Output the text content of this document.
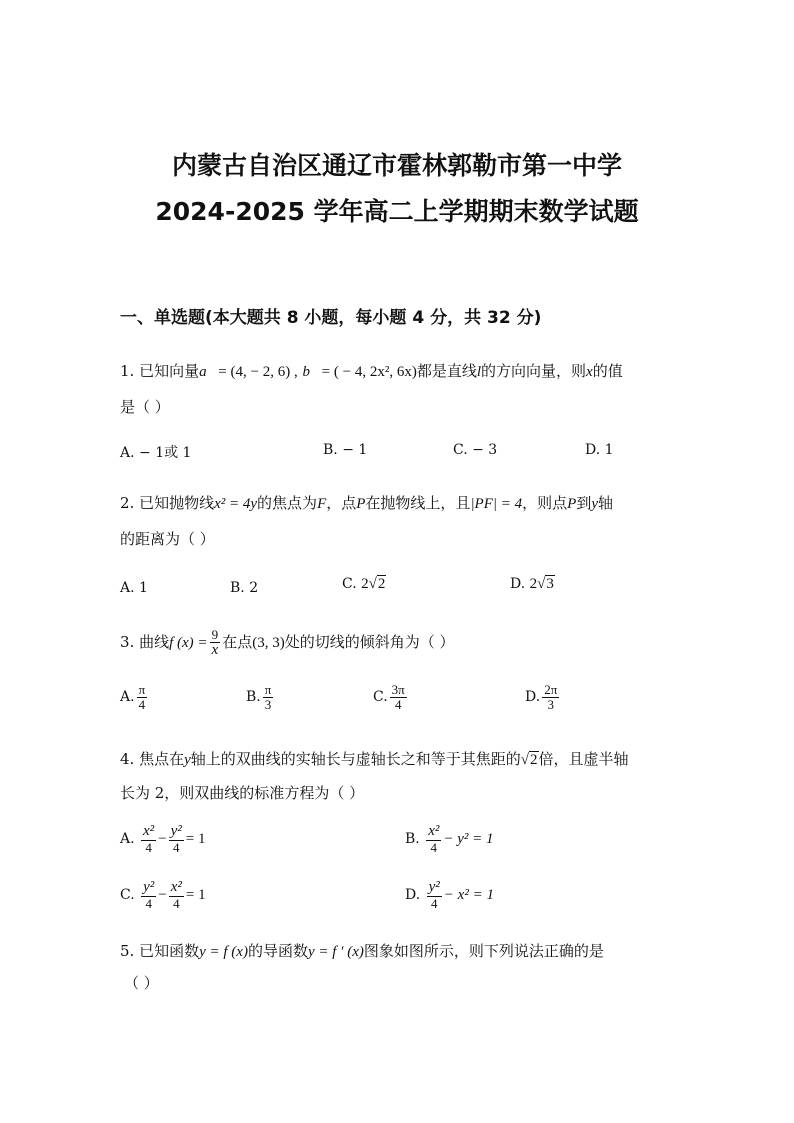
内蒙古自治区通辽市霍林郭勒市第一中学
2024-2025 学年高二上学期期末数学试题
一、单选题(本大题共 8 小题，每小题 4 分，共 32 分)
1. 已知向量a⃗= (4, − 2, 6) , b⃗= ( − 4, 2x², 6x)都是直线l的方向向量，则x的值
是（ ）
A. − 1或 1	B. − 1	C. − 3	D. 1
2. 已知抛物线x² = 4y的焦点为F，点P在抛物线上，且|PF| = 4，则点P到y轴
的距离为（ ）
A. 1	B. 2	C. 2√2	D. 2√3
3. 曲线f $(x) = \frac{9}{x}$ 在点(3, 3)处的切线的倾斜角为（ ）
A. $\frac{\pi}{4}$	B. $\frac{\pi}{3}$	C. $\frac{3\pi}{4}$	D. $\frac{2\pi}{3}$
4. 焦点在y轴上的双曲线的实轴长与虚轴长之和等于其焦距的√2倍，且虚半轴
长为 2，则双曲线的标准方程为（ ）
A. $\frac{\text{x²}}{4} - \frac{\text{y²}}{4} = 1$	B. $\frac{\text{x²}}{4} - y^2 = 1$
C. $\frac{\text{y²}}{4} - \frac{\text{x²}}{4} = 1$	D. $\frac{\text{y²}}{4} - x^2 = 1$
5. 已知函数y = f (x)的导函数y = f ′ (x)图象如图所示，则下列说法正确的是
（ ）
